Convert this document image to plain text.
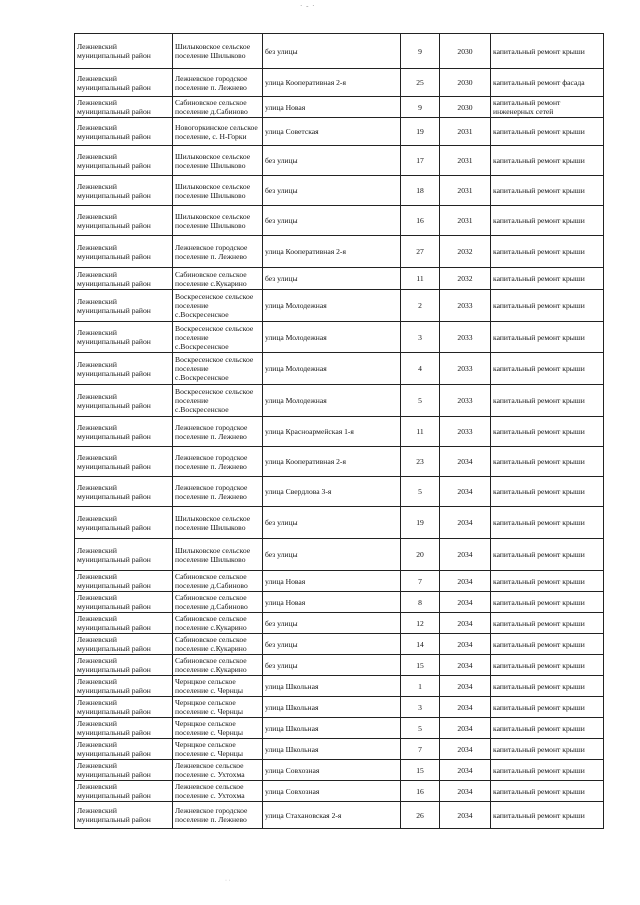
· - ·
Лежневский муниципальный район	Шилыковское сельское поселение Шилыково	без улицы	9	2030	капитальный ремонт крыши
Лежневский муниципальный район	Лежневское городское поселение п. Лежнево	улица Кооперативная 2-я	25	2030	капитальный ремонт фасада
Лежневский муниципальный район	Сабиновское сельское поселение д.Сабиново	улица Новая	9	2030	капитальный ремонт инженерных сетей
Лежневский муниципальный район	Новогоркинское сельское поселение, с. Н-Горки	улица Советская	19	2031	капитальный ремонт крыши
Лежневский муниципальный район	Шилыковское сельское поселение Шилыково	без улицы	17	2031	капитальный ремонт крыши
Лежневский муниципальный район	Шилыковское сельское поселение Шилыково	без улицы	18	2031	капитальный ремонт крыши
Лежневский муниципальный район	Шилыковское сельское поселение Шилыково	без улицы	16	2031	капитальный ремонт крыши
Лежневский муниципальный район	Лежневское городское поселение п. Лежнево	улица Кооперативная 2-я	27	2032	капитальный ремонт крыши
Лежневский муниципальный район	Сабиновское сельское поселение с.Кукарино	без улицы	11	2032	капитальный ремонт крыши
Лежневский муниципальный район	Воскресенское сельское поселение с.Воскресенское	улица Молодежная	2	2033	капитальный ремонт крыши
Лежневский муниципальный район	Воскресенское сельское поселение с.Воскресенское	улица Молодежная	3	2033	капитальный ремонт крыши
Лежневский муниципальный район	Воскресенское сельское поселение с.Воскресенское	улица Молодежная	4	2033	капитальный ремонт крыши
Лежневский муниципальный район	Воскресенское сельское поселение с.Воскресенское	улица Молодежная	5	2033	капитальный ремонт крыши
Лежневский муниципальный район	Лежневское городское поселение п. Лежнево	улица Красноармейская 1-я	11	2033	капитальный ремонт крыши
Лежневский муниципальный район	Лежневское городское поселение п. Лежнево	улица Кооперативная 2-я	23	2034	капитальный ремонт крыши
Лежневский муниципальный район	Лежневское городское поселение п. Лежнево	улица Свердлова 3-я	5	2034	капитальный ремонт крыши
Лежневский муниципальный район	Шилыковское сельское поселение Шилыково	без улицы	19	2034	капитальный ремонт крыши
Лежневский муниципальный район	Шилыковское сельское поселение Шилыково	без улицы	20	2034	капитальный ремонт крыши
Лежневский муниципальный район	Сабиновское сельское поселение д.Сабиново	улица Новая	7	2034	капитальный ремонт крыши
Лежневский муниципальный район	Сабиновское сельское поселение д.Сабиново	улица Новая	8	2034	капитальный ремонт крыши
Лежневский муниципальный район	Сабиновское сельское поселение с.Кукарино	без улицы	12	2034	капитальный ремонт крыши
Лежневский муниципальный район	Сабиновское сельское поселение с.Кукарино	без улицы	14	2034	капитальный ремонт крыши
Лежневский муниципальный район	Сабиновское сельское поселение с.Кукарино	без улицы	15	2034	капитальный ремонт крыши
Лежневский муниципальный район	Чернцкое сельское поселение с. Чернцы	улица Школьная	1	2034	капитальный ремонт крыши
Лежневский муниципальный район	Чернцкое сельское поселение с. Чернцы	улица Школьная	3	2034	капитальный ремонт крыши
Лежневский муниципальный район	Чернцкое сельское поселение с. Чернцы	улица Школьная	5	2034	капитальный ремонт крыши
Лежневский муниципальный район	Чернцкое сельское поселение с. Чернцы	улица Школьная	7	2034	капитальный ремонт крыши
Лежневский муниципальный район	Лежневское сельское поселение с. Ухтохма	улица Совхозная	15	2034	капитальный ремонт крыши
Лежневский муниципальный район	Лежневское сельское поселение с. Ухтохма	улица Совхозная	16	2034	капитальный ремонт крыши
Лежневский муниципальный район	Лежневское городское поселение п. Лежнево	улица Стахановская 2-я	26	2034	капитальный ремонт крыши
· ·
